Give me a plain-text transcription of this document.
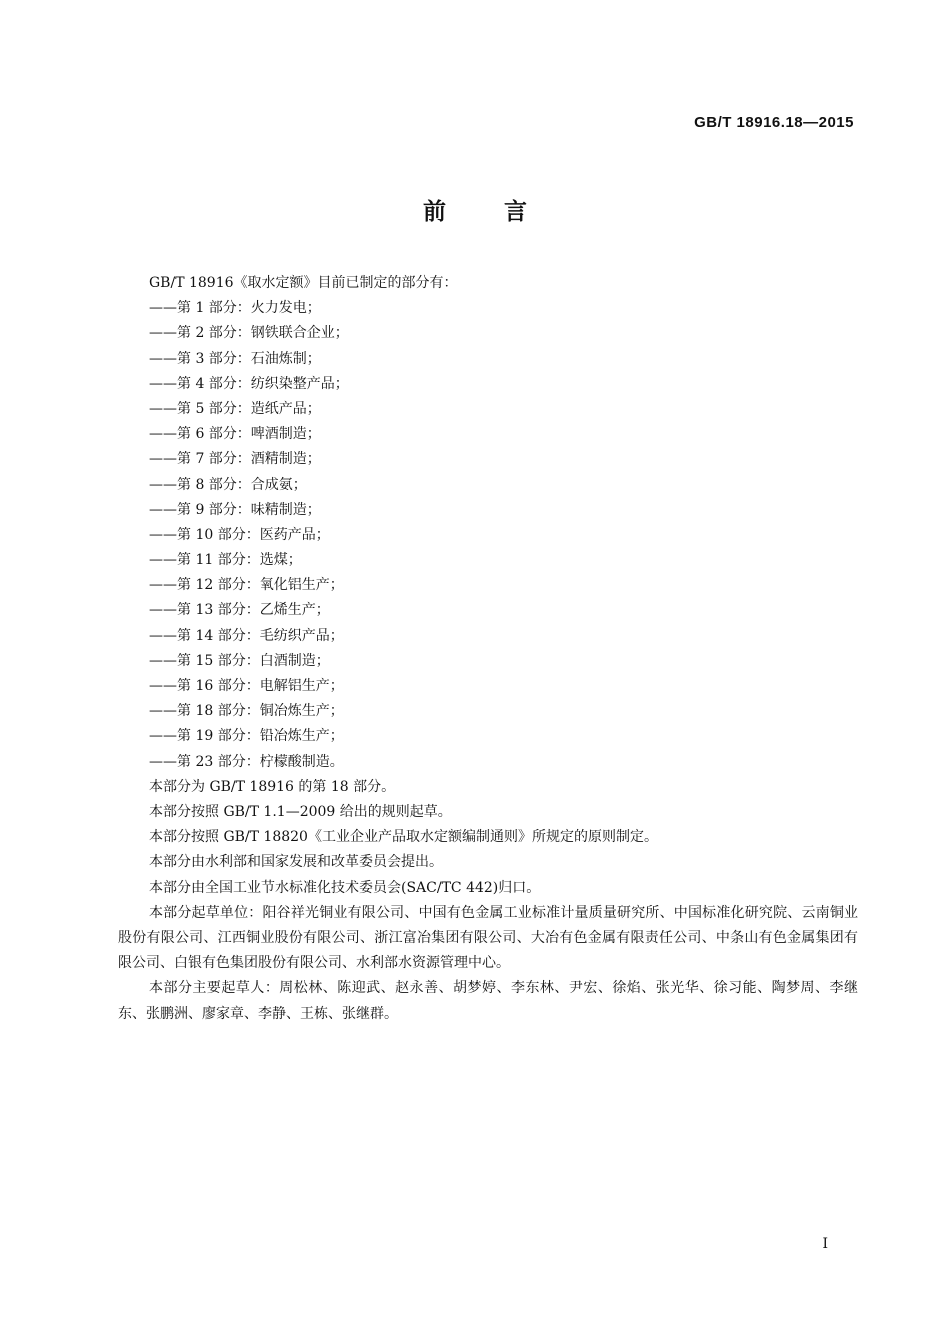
GB/T 18916.18—2015
前言
GB/T 18916《取水定额》目前已制定的部分有：
——第 1 部分：火力发电；
——第 2 部分：钢铁联合企业；
——第 3 部分：石油炼制；
——第 4 部分：纺织染整产品；
——第 5 部分：造纸产品；
——第 6 部分：啤酒制造；
——第 7 部分：酒精制造；
——第 8 部分：合成氨；
——第 9 部分：味精制造；
——第 10 部分：医药产品；
——第 11 部分：选煤；
——第 12 部分：氧化铝生产；
——第 13 部分：乙烯生产；
——第 14 部分：毛纺织产品；
——第 15 部分：白酒制造；
——第 16 部分：电解铝生产；
——第 18 部分：铜冶炼生产；
——第 19 部分：铅冶炼生产；
——第 23 部分：柠檬酸制造。
本部分为 GB/T 18916 的第 18 部分。
本部分按照 GB/T 1.1—2009 给出的规则起草。
本部分按照 GB/T 18820《工业企业产品取水定额编制通则》所规定的原则制定。
本部分由水利部和国家发展和改革委员会提出。
本部分由全国工业节水标准化技术委员会(SAC/TC 442)归口。
本部分起草单位：阳谷祥光铜业有限公司、中国有色金属工业标准计量质量研究所、中国标准化研究院、云南铜业股份有限公司、江西铜业股份有限公司、浙江富冶集团有限公司、大冶有色金属有限责任公司、中条山有色金属集团有限公司、白银有色集团股份有限公司、水利部水资源管理中心。
本部分主要起草人：周松林、陈迎武、赵永善、胡梦婷、李东林、尹宏、徐焰、张光华、徐习能、陶梦周、李继东、张鹏洲、廖家章、李静、王栋、张继群。
I
